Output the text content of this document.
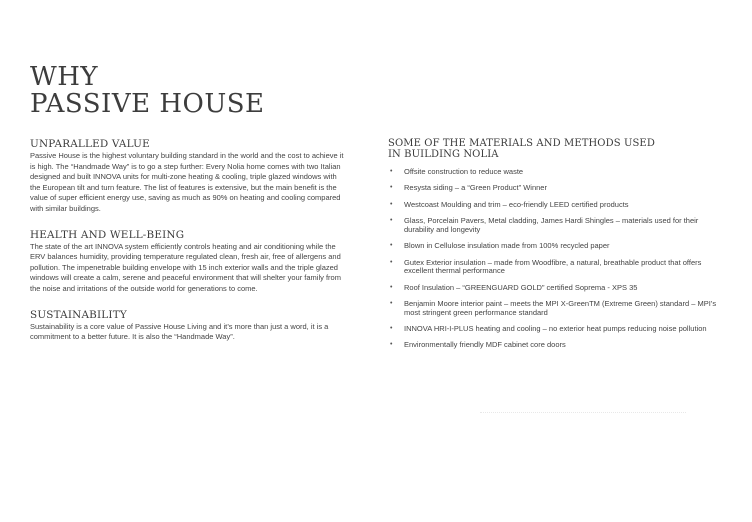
WHY
PASSIVE HOUSE
UNPARALLED VALUE

Passive House is the highest voluntary building standard in the world and the cost to achieve it is high. The “Handmade Way” is to go a step further: Every Nolia home comes with two Italian designed and built INNOVA units for multi-zone heating & cooling, triple glazed windows with the European tilt and turn feature. The list of features is extensive, but the main benefit is the value of super efficient energy use, saving as much as 90% on heating and cooling compared with similar buildings.

HEALTH AND WELL-BEING

The state of the art INNOVA system efficiently controls heating and air conditioning while the ERV balances humidity, providing temperature regulated clean, fresh air, free of allergens and pollution. The impenetrable building envelope with 15 inch exterior walls and the triple glazed windows will create a calm, serene and peaceful environment that will shelter your family from the noise and irritations of the outside world for generations to come.

SUSTAINABILITY

Sustainability is a core value of Passive House Living and it’s more than just a word, it is a commitment to a better future. It is also the “Handmade Way”.

SOME OF THE MATERIALS AND METHODS USED
IN BUILDING NOLIA
• Offsite construction to reduce waste
• Resysta siding – a “Green Product” Winner
• Westcoast Moulding and trim – eco-friendly LEED certified products
• Glass, Porcelain Pavers, Metal cladding, James Hardi Shingles – materials used for their durability and longevity
• Blown in Cellulose insulation made from 100% recycled paper
• Gutex Exterior insulation – made from Woodfibre, a natural, breathable product that offers excellent thermal performance
• Roof Insulation – “GREENGUARD GOLD” certified Soprema - XPS 35
• Benjamin Moore interior paint – meets the MPI X-GreenTM (Extreme Green) standard – MPI’s most stringent green performance standard
• INNOVA HRI-I-PLUS heating and cooling – no exterior heat pumps reducing noise pollution
• Environmentally friendly MDF cabinet core doors
